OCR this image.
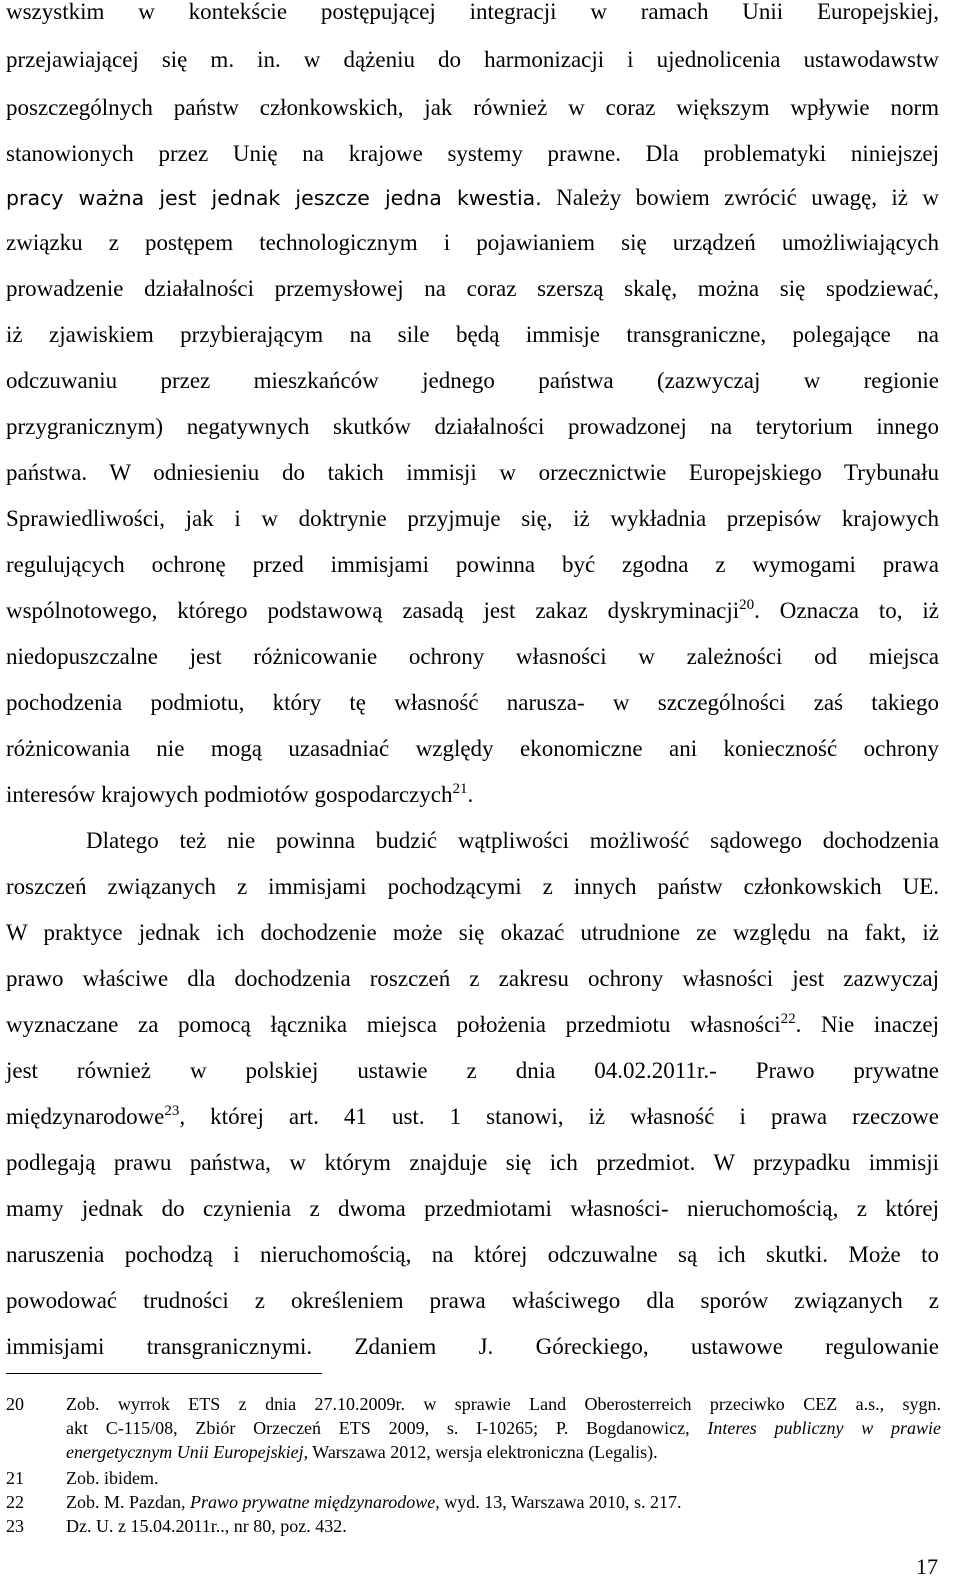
wszystkim w kontekście postępującej integracji w ramach Unii Europejskiej,
przejawiającej się m. in. w dążeniu do harmonizacji i ujednolicenia ustawodawstw
poszczególnych państw członkowskich, jak również w coraz większym wpływie norm
stanowionych przez Unię na krajowe systemy prawne. Dla problematyki niniejszej
pracy ważna jest jednak jeszcze jedna kwestia. Należy bowiem zwrócić uwagę, iż w
związku z postępem technologicznym i pojawianiem się urządzeń umożliwiających
prowadzenie działalności przemysłowej na coraz szerszą skalę, można się spodziewać,
iż zjawiskiem przybierającym na sile będą immisje transgraniczne, polegające na
odczuwaniu przez mieszkańców jednego państwa (zazwyczaj w regionie
przygranicznym) negatywnych skutków działalności prowadzonej na terytorium innego
państwa. W odniesieniu do takich immisji w orzecznictwie Europejskiego Trybunału
Sprawiedliwości, jak i w doktrynie przyjmuje się, iż wykładnia przepisów krajowych
regulujących ochronę przed immisjami powinna być zgodna z wymogami prawa
wspólnotowego, którego podstawową zasadą jest zakaz dyskryminacji$^{20}$. Oznacza to, iż
niedopuszczalne jest różnicowanie ochrony własności w zależności od miejsca
pochodzenia podmiotu, który tę własność narusza- w szczególności zaś takiego
różnicowania nie mogą uzasadniać względy ekonomiczne ani konieczność ochrony
interesów krajowych podmiotów gospodarczych$^{21}$.
Dlatego też nie powinna budzić wątpliwości możliwość sądowego dochodzenia
roszczeń związanych z immisjami pochodzącymi z innych państw członkowskich UE.
W praktyce jednak ich dochodzenie może się okazać utrudnione ze względu na fakt, iż
prawo właściwe dla dochodzenia roszczeń z zakresu ochrony własności jest zazwyczaj
wyznaczane za pomocą łącznika miejsca położenia przedmiotu własności$^{22}$. Nie inaczej
jest również w polskiej ustawie z dnia 04.02.2011r.- Prawo prywatne
międzynarodowe$^{23}$, której art. 41 ust. 1 stanowi, iż własność i prawa rzeczowe
podlegają prawu państwa, w którym znajduje się ich przedmiot. W przypadku immisji
mamy jednak do czynienia z dwoma przedmiotami własności- nieruchomością, z której
naruszenia pochodzą i nieruchomością, na której odczuwalne są ich skutki. Może to
powodować trudności z określeniem prawa właściwego dla sporów związanych z
immisjami transgranicznymi. Zdaniem J. Góreckiego, ustawowe regulowanie
20 Zob. wyrrok ETS z dnia 27.10.2009r. w sprawie Land Oberosterreich przeciwko CEZ a.s., sygn.
akt C-115/08, Zbiór Orzeczeń ETS 2009, s. I-10265; P. Bogdanowicz, Interes publiczny w prawie
energetycznym Unii Europejskiej, Warszawa 2012, wersja elektroniczna (Legalis).
21 Zob. ibidem.
22 Zob. M. Pazdan, Prawo prywatne międzynarodowe, wyd. 13, Warszawa 2010, s. 217.
23 Dz. U. z 15.04.2011r.., nr 80, poz. 432.
17
